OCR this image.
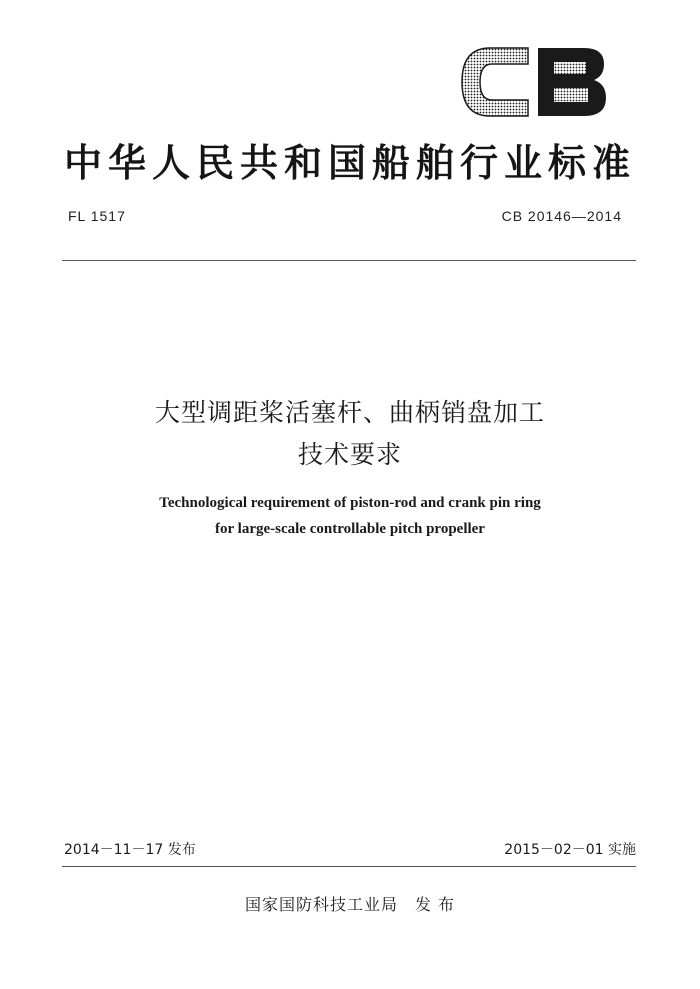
中华人民共和国船舶行业标准
FL 1517	CB 20146—2014
大型调距桨活塞杆、曲柄销盘加工
技术要求
Technological requirement of piston-rod and crank pin ring
for large-scale controllable pitch propeller
2014－11－17 发布	2015－02－01 实施
国家国防科技工业局　发 布
